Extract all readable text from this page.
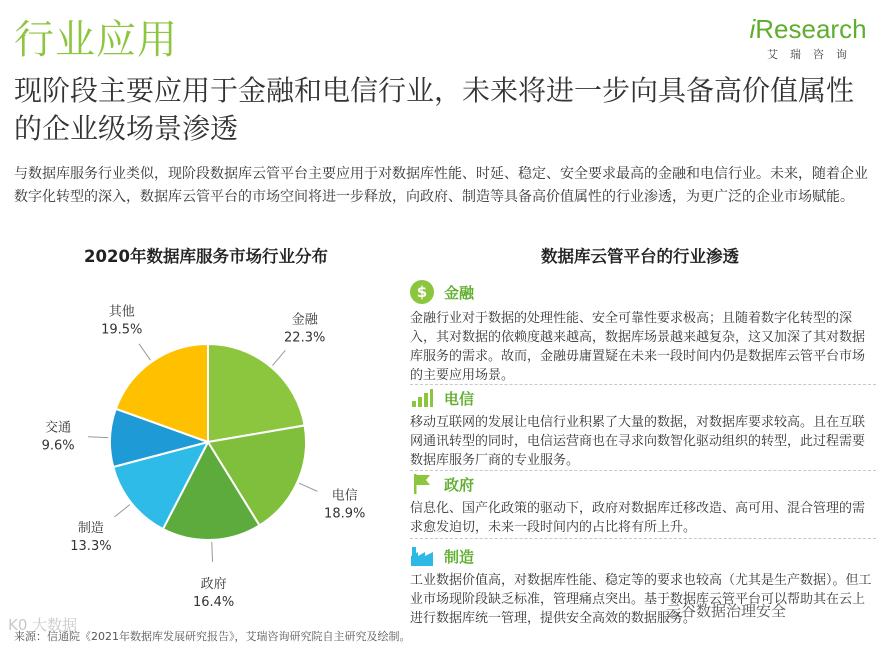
行业应用	iResearch
艾瑞咨询
现阶段主要应用于金融和电信行业，未来将进一步向具备高价值属性的企业级场景渗透
与数据库服务行业类似，现阶段数据库云管平台主要应用于对数据库性能、时延、稳定、安全要求最高的金融和电信行业。未来，随着企业数字化转型的深入，数据库云管平台的市场空间将进一步释放，向政府、制造等具备高价值属性的行业渗透，为更广泛的企业市场赋能。
2020年数据库服务市场行业分布
金融
22.3%
电信
18.9%
政府
16.4%
制造
13.3%
交通
9.6%
其他
19.5%
数据库云管平台的行业渗透
$	金融
金融行业对于数据的处理性能、安全可靠性要求极高；且随着数字化转型的深入，其对数据的依赖度越来越高，数据库场景越来越复杂，这又加深了其对数据库服务的需求。故而，金融毋庸置疑在未来一段时间内仍是数据库云管平台市场的主要应用场景。
电信
移动互联网的发展让电信行业积累了大量的数据，对数据库要求较高。且在互联网通讯转型的同时，电信运营商也在寻求向数智化驱动组织的转型，此过程需要数据库服务厂商的专业服务。
政府
信息化、国产化政策的驱动下，政府对数据库迁移改造、高可用、混合管理的需求愈发迫切，未来一段时间内的占比将有所上升。
制造
工业数据价值高，对数据库性能、稳定等的要求也较高（尤其是生产数据）。但工业市场现阶段缺乏标准，管理痛点突出。基于数据库云管平台可以帮助其在云上进行数据库统一管理，提供安全高效的数据服务。
K0 大数据
来源：信通院《2021年数据库发展研究报告》，艾瑞咨询研究院自主研究及绘制。
云谷数据治理安全
